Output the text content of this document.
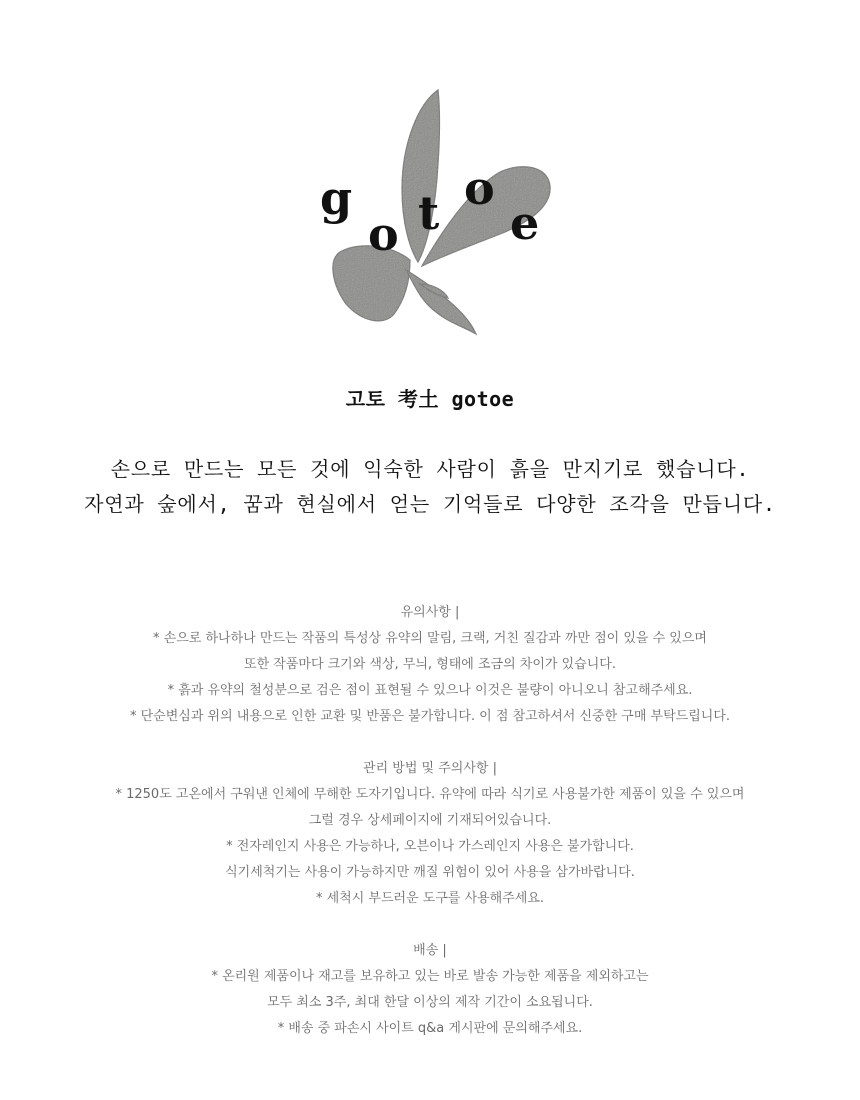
g
o t o
e
고토 考土 gotoe

손으로 만드는 모든 것에 익숙한 사람이 흙을 만지기로 했습니다.

자연과 숲에서, 꿈과 현실에서 얻는 기억들로 다양한 조각을 만듭니다.

유의사항 |

* 손으로 하나하나 만드는 작품의 특성상 유약의 말림, 크랙, 거친 질감과 까만 점이 있을 수 있으며

또한 작품마다 크기와 색상, 무늬, 형태에 조금의 차이가 있습니다.

* 흙과 유약의 철성분으로 검은 점이 표현될 수 있으나 이것은 불량이 아니오니 참고해주세요.

* 단순변심과 위의 내용으로 인한 교환 및 반품은 불가합니다. 이 점 참고하셔서 신중한 구매 부탁드립니다.

관리 방법 및 주의사항 |

* 1250도 고온에서 구워낸 인체에 무해한 도자기입니다. 유약에 따라 식기로 사용불가한 제품이 있을 수 있으며

그럴 경우 상세페이지에 기재되어있습니다.

* 전자레인지 사용은 가능하나, 오븐이나 가스레인지 사용은 불가합니다.

식기세척기는 사용이 가능하지만 깨질 위험이 있어 사용을 삼가바랍니다.

* 세척시 부드러운 도구를 사용해주세요.

배송 |

* 온리원 제품이나 재고를 보유하고 있는 바로 발송 가능한 제품을 제외하고는

모두 최소 3주, 최대 한달 이상의 제작 기간이 소요됩니다.

* 배송 중 파손시 사이트 q&a 게시판에 문의해주세요.
